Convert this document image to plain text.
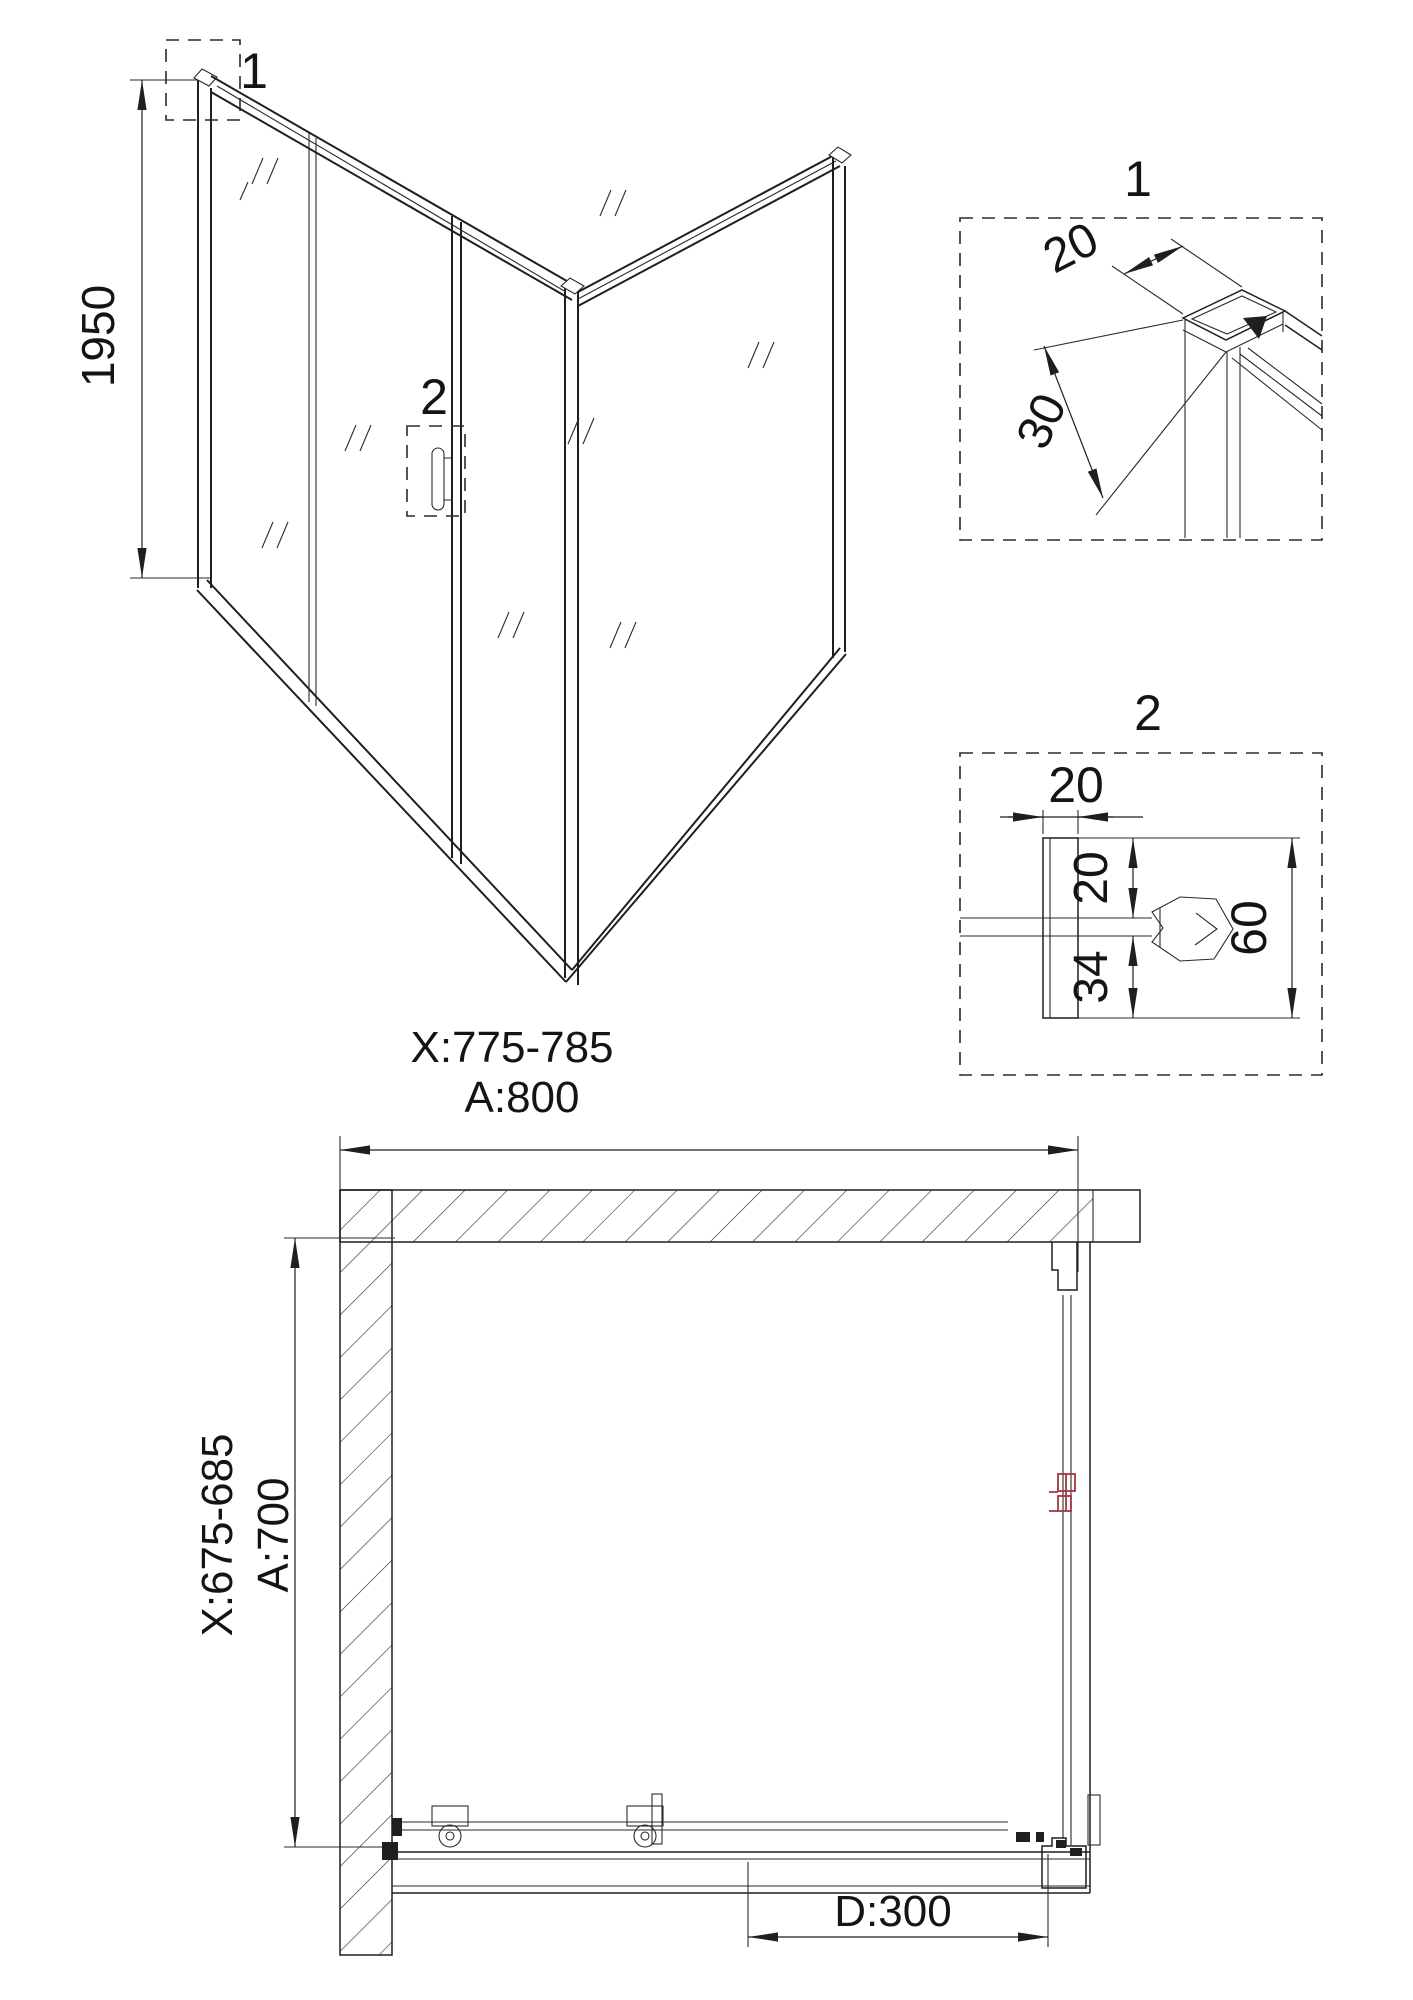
1950
1
2
1
20
30
2
20
60
20
34
X:775-785
A:800
X:675-685 A:700
D:300
